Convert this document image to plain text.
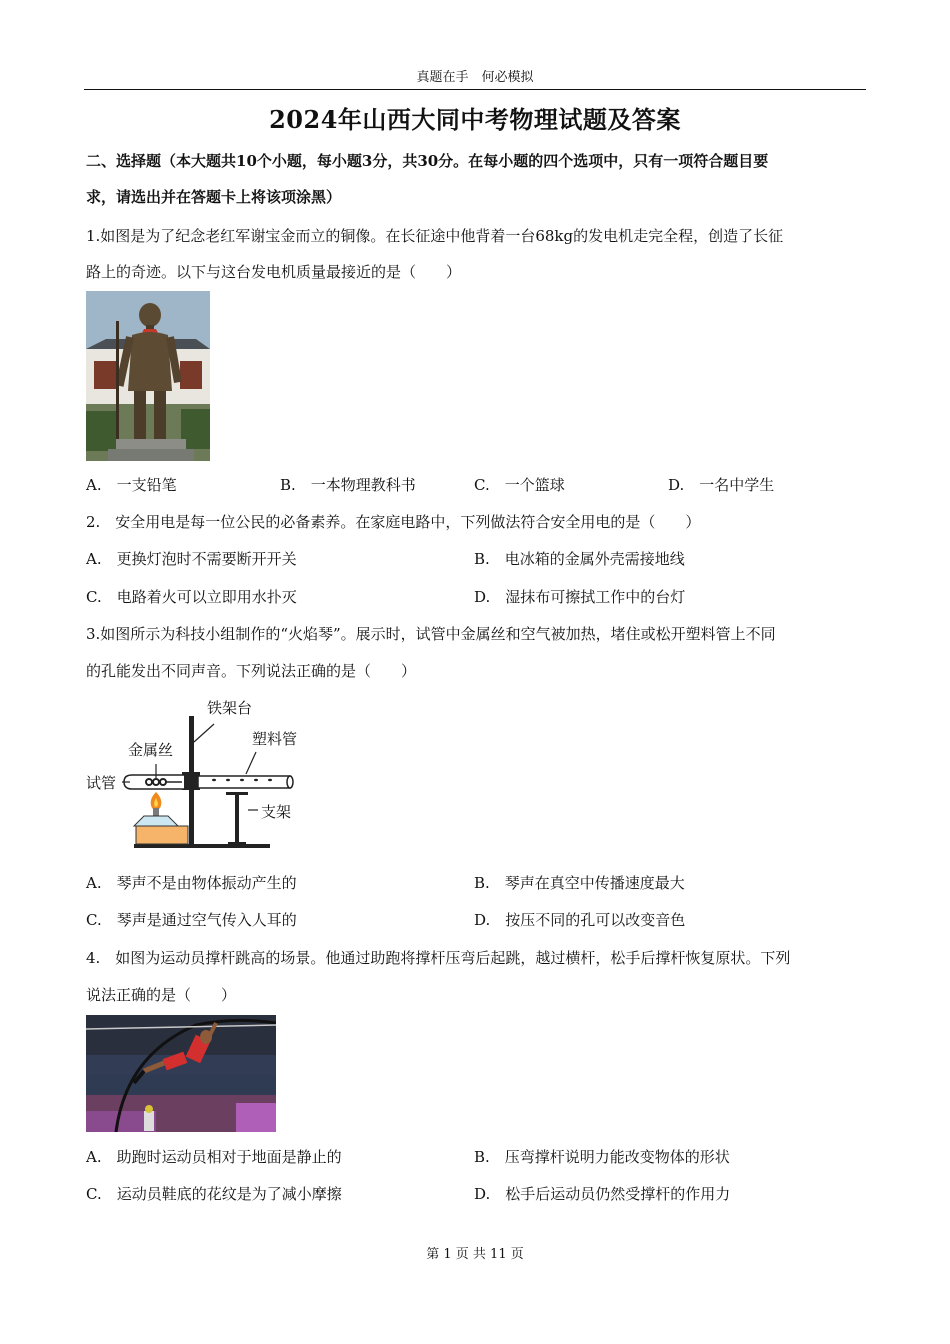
真题在手　何必模拟
2024年山西大同中考物理试题及答案
二、选择题（本大题共10个小题，每小题3分，共30分。在每小题的四个选项中，只有一项符合题目要
求，请选出并在答题卡上将该项涂黑）
1.如图是为了纪念老红军谢宝金而立的铜像。在长征途中他背着一台68kg的发电机走完全程，创造了长征
路上的奇迹。以下与这台发电机质量最接近的是（　　）
A.　一支铅笔	B.　一本物理教科书	C.　一个篮球	D.　一名中学生
2.　安全用电是每一位公民的必备素养。在家庭电路中，下列做法符合安全用电的是（　　）
A.　更换灯泡时不需要断开开关	B.　电冰箱的金属外壳需接地线
C.　电路着火可以立即用水扑灭	D.　湿抹布可擦拭工作中的台灯
3.如图所示为科技小组制作的“火焰琴”。展示时，试管中金属丝和空气被加热，堵住或松开塑料管上不同
的孔能发出不同声音。下列说法正确的是（　　）
铁架台
金属丝
塑料管
试管
支架
A.　琴声不是由物体振动产生的	B.　琴声在真空中传播速度最大
C.　琴声是通过空气传入人耳的	D.　按压不同的孔可以改变音色
4.　如图为运动员撑杆跳高的场景。他通过助跑将撑杆压弯后起跳，越过横杆，松手后撑杆恢复原状。下列
说法正确的是（　　）
A.　助跑时运动员相对于地面是静止的	B.　压弯撑杆说明力能改变物体的形状
C.　运动员鞋底的花纹是为了减小摩擦	D.　松手后运动员仍然受撑杆的作用力
第 1 页 共 11 页
